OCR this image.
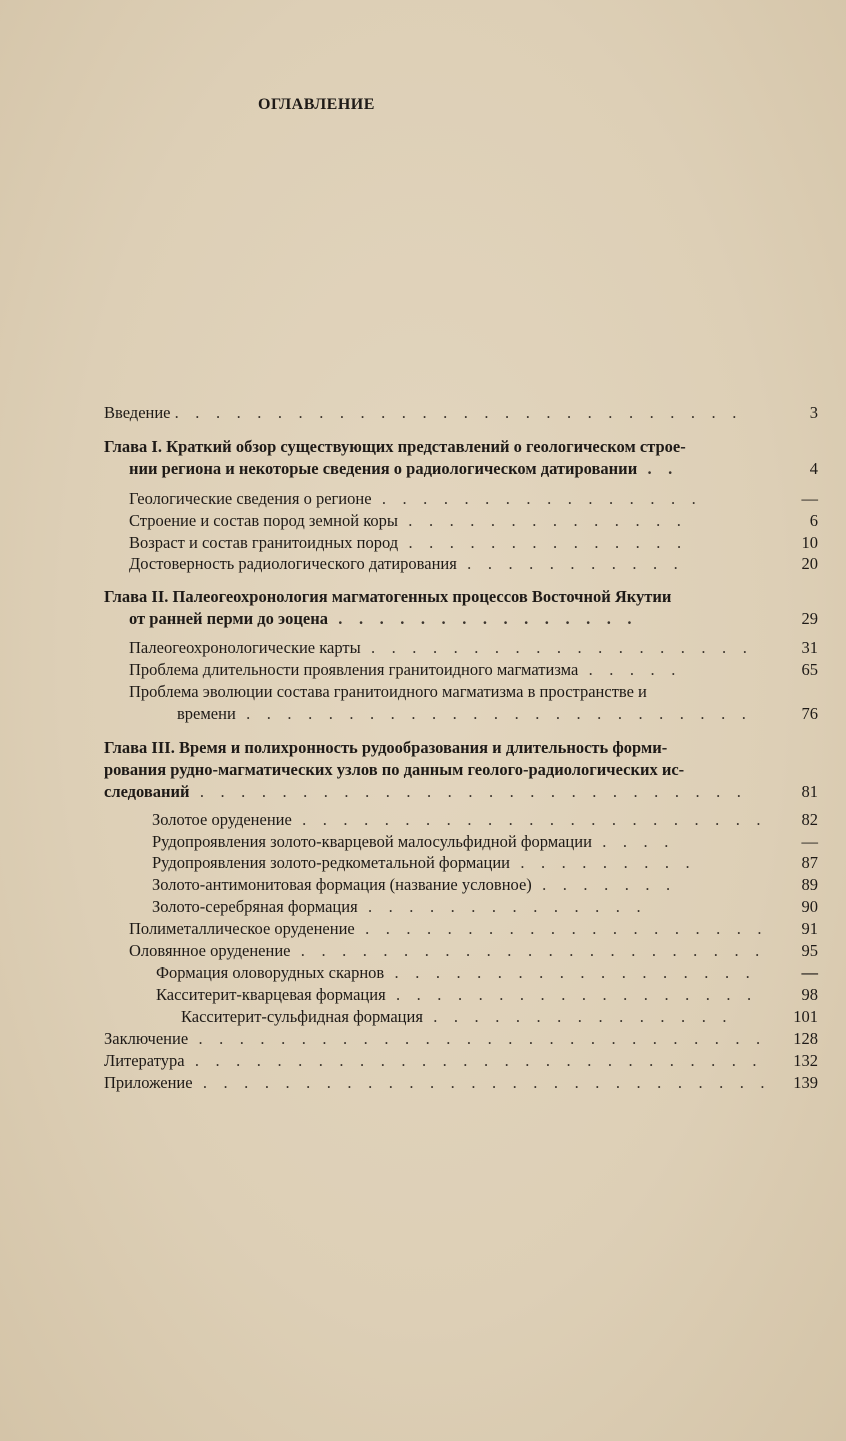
ОГЛАВЛЕНИЕ
Введение . . . . . . . . . . . . . . . . . . . . . . . . . . . .	3
Глава I. Краткий обзор существующих представлений о геологическом строе-
нии региона и некоторые сведения о радиологическом датировании . .	4
Геологические сведения о регионе . . . . . . . . . . . . . . . .	—
Строение и состав пород земной коры . . . . . . . . . . . . . .	6
Возраст и состав гранитоидных пород . . . . . . . . . . . . . .	10
Достоверность радиологического датирования . . . . . . . . . . .	20
Глава II. Палеогеохронология магматогенных процессов Восточной Якутии
от ранней перми до эоцена . . . . . . . . . . . . . . .	29
Палеогеохронологические карты . . . . . . . . . . . . . . . . . . .	31
Проблема длительности проявления гранитоидного магматизма . . . . .	65
Проблема эволюции состава гранитоидного магматизма в пространстве и
времени . . . . . . . . . . . . . . . . . . . . . . . . .	76
Глава III. Время и полихронность рудообразования и длительность форми-
рования рудно-магматических узлов по данным геолого-радиологических ис-
следований . . . . . . . . . . . . . . . . . . . . . . . . . . .	81
Золотое оруденение . . . . . . . . . . . . . . . . . . . . . . . 82
Рудопроявления золото-кварцевой малосульфидной формации . . . .	—
Рудопроявления золото-редкометальной формации . . . . . . . . .	87
Золото-антимонитовая формация (название условное) . . . . . . .	89
Золото-серебряная формация . . . . . . . . . . . . . .	90
Полиметаллическое оруденение . . . . . . . . . . . . . . . . . . . . 91
Оловянное оруденение . . . . . . . . . . . . . . . . . . . . . . . 95
Формация оловорудных скарнов . . . . . . . . . . . . . . . . . .	—
Касситерит-кварцевая формация . . . . . . . . . . . . . . . . . .	98
Касситерит-сульфидная формация . . . . . . . . . . . . . . .	101
Заключение . . . . . . . . . . . . . . . . . . . . . . . . . . . . 128
Литература . . . . . . . . . . . . . . . . . . . . . . . . . . . . 132
Приложение . . . . . . . . . . . . . . . . . . . . . . . . . . . . 139
